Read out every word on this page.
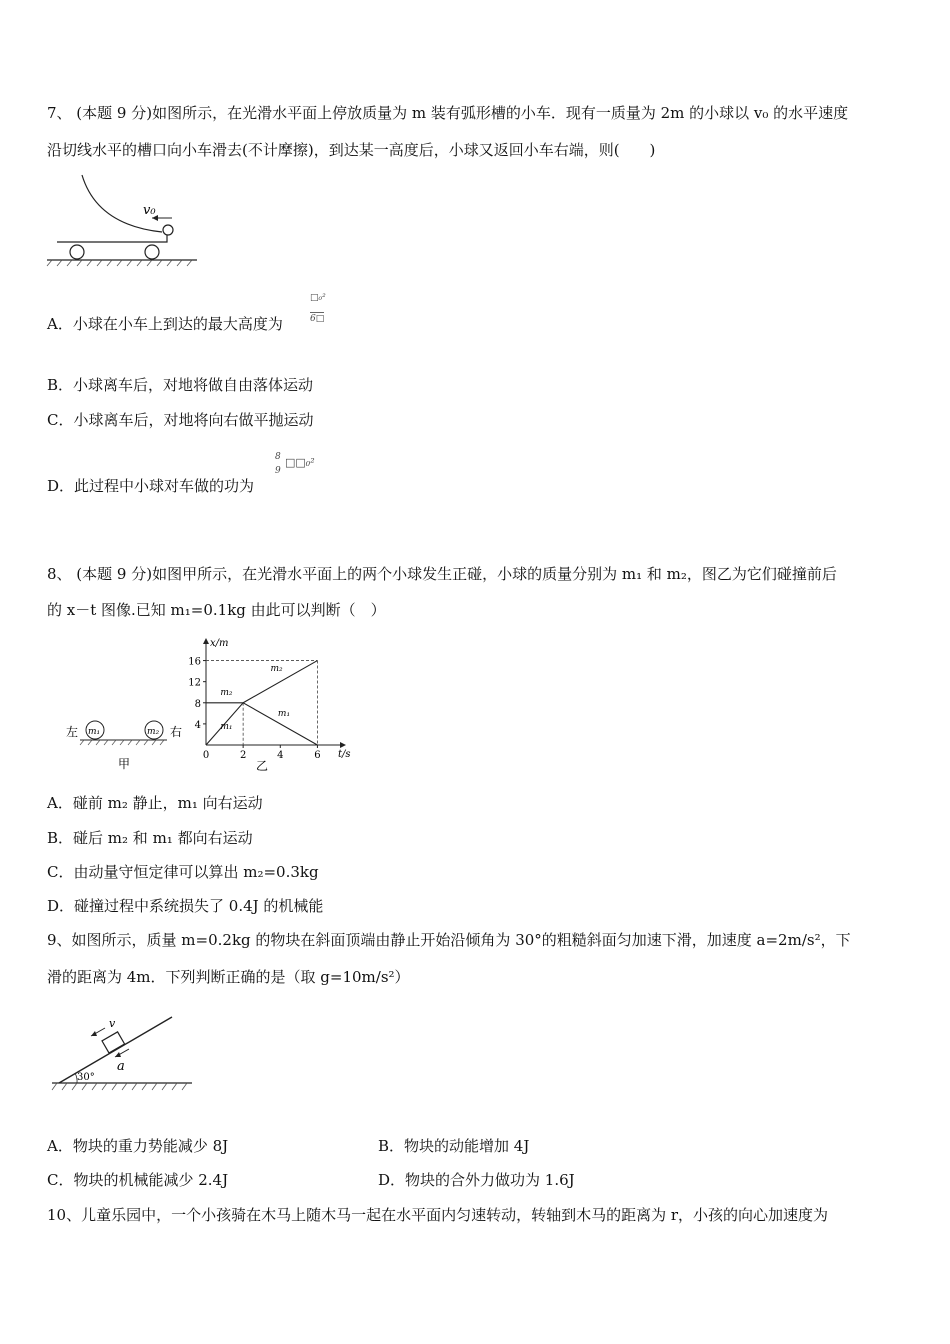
7、 (本题 9 分)如图所示，在光滑水平面上停放质量为 m 装有弧形槽的小车．现有一质量为 2m 的小球以 v₀ 的水平速度
沿切线水平的槽口向小车滑去(不计摩擦)，到达某一高度后，小球又返回小车右端，则(　　)
v₀
A．小球在小车上到达的最大高度为
□₀²
6□
B．小球离车后，对地将做自由落体运动
C．小球离车后，对地将向右做平抛运动
D．此过程中小球对车做的功为
8
9
□□₀²
8、 (本题 9 分)如图甲所示，在光滑水平面上的两个小球发生正碰，小球的质量分别为 m₁ 和 m₂，图乙为它们碰撞前后
的 x－t 图像.已知 m₁=0.1kg 由此可以判断（　）
左 m₁	m₂ 右
甲
4
8
12
16
0	2	4	6
m₂
m₂
m₁
m₁
x/m
t/s
乙
A．碰前 m₂ 静止，m₁ 向右运动
B．碰后 m₂ 和 m₁ 都向右运动
C．由动量守恒定律可以算出 m₂=0.3kg
D．碰撞过程中系统损失了 0.4J 的机械能
9、如图所示，质量 m=0.2kg 的物块在斜面顶端由静止开始沿倾角为 30°的粗糙斜面匀加速下滑，加速度 a=2m/s²，下
滑的距离为 4m．下列判断正确的是（取 g=10m/s²）
v
a
30°
A．物块的重力势能减少 8J	B．物块的动能增加 4J
C．物块的机械能减少 2.4J	D．物块的合外力做功为 1.6J
10、儿童乐园中，一个小孩骑在木马上随木马一起在水平面内匀速转动，转轴到木马的距离为 r，小孩的向心加速度为
